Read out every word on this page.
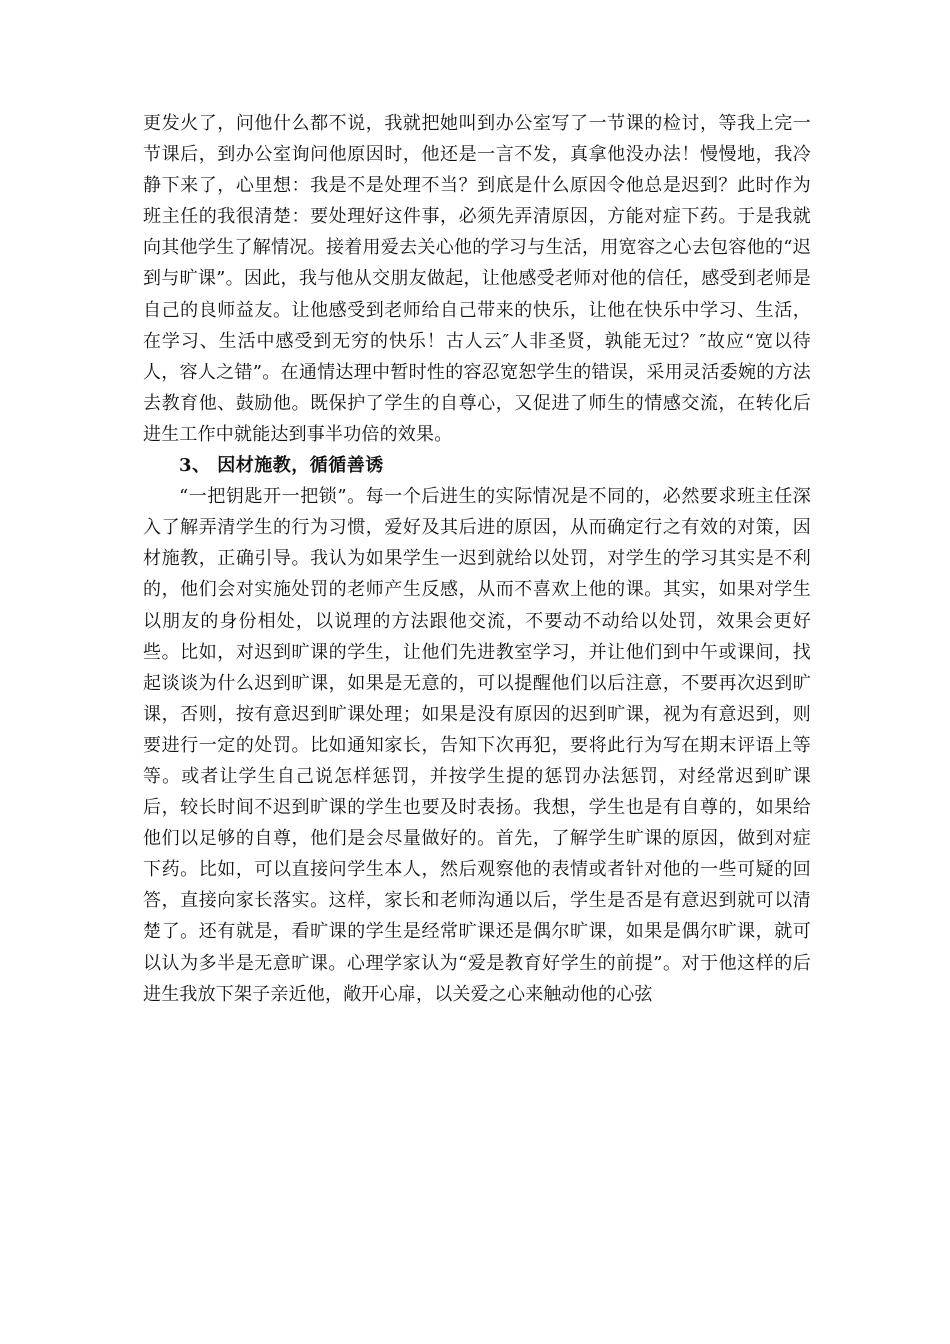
更发火了，问他什么都不说，我就把她叫到办公室写了一节课的检讨，等我上完一节课后，到办公室询问他原因时，他还是一言不发，真拿他没办法！慢慢地，我冷静下来了，心里想：我是不是处理不当？到底是什么原因令他总是迟到？此时作为班主任的我很清楚：要处理好这件事，必须先弄清原因，方能对症下药。于是我就向其他学生了解情况。接着用爱去关心他的学习与生活，用宽容之心去包容他的“迟到与旷课”。因此，我与他从交朋友做起，让他感受老师对他的信任，感受到老师是自己的良师益友。让他感受到老师给自己带来的快乐，让他在快乐中学习、生活，在学习、生活中感受到无穷的快乐！古人云″人非圣贤，孰能无过？″故应“宽以待人，容人之错”。在通情达理中暂时性的容忍宽恕学生的错误，采用灵活委婉的方法去教育他、鼓励他。既保护了学生的自尊心，又促进了师生的情感交流，在转化后进生工作中就能达到事半功倍的效果。

3、 因材施教，循循善诱

“一把钥匙开一把锁”。每一个后进生的实际情况是不同的，必然要求班主任深入了解弄清学生的行为习惯，爱好及其后进的原因，从而确定行之有效的对策，因材施教，正确引导。我认为如果学生一迟到就给以处罚，对学生的学习其实是不利的，他们会对实施处罚的老师产生反感，从而不喜欢上他的课。其实，如果对学生以朋友的身份相处，以说理的方法跟他交流，不要动不动给以处罚，效果会更好些。比如，对迟到旷课的学生，让他们先进教室学习，并让他们到中午或课间，找起谈谈为什么迟到旷课，如果是无意的，可以提醒他们以后注意，不要再次迟到旷课，否则，按有意迟到旷课处理；如果是没有原因的迟到旷课，视为有意迟到，则要进行一定的处罚。比如通知家长，告知下次再犯，要将此行为写在期末评语上等等。或者让学生自己说怎样惩罚，并按学生提的惩罚办法惩罚，对经常迟到旷课后，较长时间不迟到旷课的学生也要及时表扬。我想，学生也是有自尊的，如果给他们以足够的自尊，他们是会尽量做好的。首先，了解学生旷课的原因，做到对症下药。比如，可以直接问学生本人，然后观察他的表情或者针对他的一些可疑的回答，直接向家长落实。这样，家长和老师沟通以后，学生是否是有意迟到就可以清楚了。还有就是，看旷课的学生是经常旷课还是偶尔旷课，如果是偶尔旷课，就可以认为多半是无意旷课。心理学家认为“爱是教育好学生的前提”。对于他这样的后进生我放下架子亲近他，敞开心扉，以关爱之心来触动他的心弦
